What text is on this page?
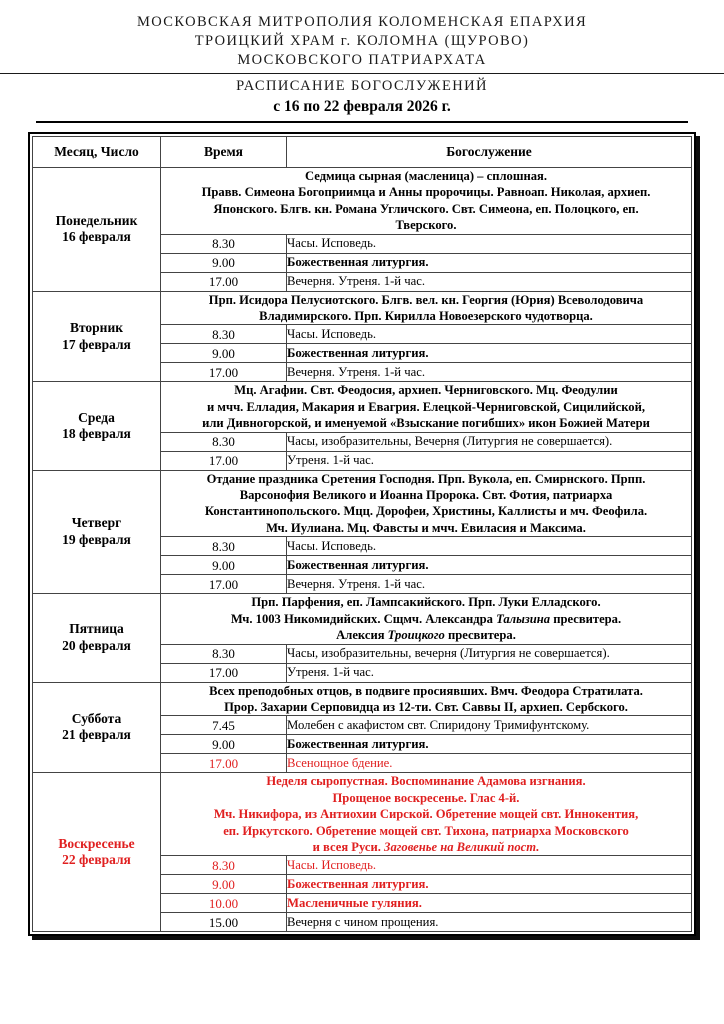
МОСКОВСКАЯ МИТРОПОЛИЯ КОЛОМЕНСКАЯ ЕПАРХИЯ
ТРОИЦКИЙ ХРАМ г. КОЛОМНА (ЩУРОВО)
МОСКОВСКОГО ПАТРИАРХАТА
РАСПИСАНИЕ БОГОСЛУЖЕНИЙ
с 16 по 22 февраля 2026 г.
Месяц, Число	Время	Богослужение

Понедельник
16 февраля	Седмица сырная (масленица) – сплошная.
Правв. Симеона Богоприимца и Анны пророчицы. Равноап. Николая, архиеп.
Японского. Блгв. кн. Романа Угличского. Свт. Симеона, еп. Полоцкого, еп.
Тверского.	

	8.30	Часы. Исповедь.
	9.00	Божественная литургия.
	17.00	Вечерня. Утреня. 1-й час.

Вторник
17 февраля	Прп. Исидора Пелусиотского. Блгв. вел. кн. Георгия (Юрия) Всеволодовича
Владимирского. Прп. Кирилла Новоезерского чудотворца.	

	8.30	Часы. Исповедь.
	9.00	Божественная литургия.
	17.00	Вечерня. Утреня. 1-й час.

Среда
18 февраля	Мц. Агафии. Свт. Феодосия, архиеп. Черниговского. Мц. Феодулии
и мчч. Елладия, Макария и Евагрия. Елецкой-Черниговской, Сицилийской,
или Дивногорской, и именуемой «Взыскание погибших» икон Божией Матери	

	8.30	Часы, изобразительны, Вечерня (Литургия не совершается).
	17.00	Утреня. 1-й час.

Четверг
19 февраля	Отдание праздника Сретения Господня. Прп. Вукола, еп. Смирнского. Прпп.
Варсонофия Великого и Иоанна Пророка. Свт. Фотия, патриарха
Константинопольского. Мцц. Дорофеи, Христины, Каллисты и мч. Феофила.
Мч. Иулиана. Мц. Фавсты и мчч. Евиласия и Максима.	

	8.30	Часы. Исповедь.
	9.00	Божественная литургия.
	17.00	Вечерня. Утреня. 1-й час.

Пятница
20 февраля	Прп. Парфения, еп. Лампсакийского. Прп. Луки Елладского.
Мч. 1003 Никомидийских. Сщмч. Александра Талызина пресвитера.
Алексия Троицкого пресвитера.	

	8.30	Часы, изобразительны, вечерня (Литургия не совершается).
	17.00	Утреня. 1-й час.

Суббота
21 февраля	Всех преподобных отцов, в подвиге просиявших. Вмч. Феодора Стратилата.
Прор. Захарии Серповидца из 12-ти. Свт. Саввы II, архиеп. Сербского.	

	7.45	Молебен с акафистом свт. Спиридону Тримифунтскому.
	9.00	Божественная литургия.
	17.00	Всенощное бдение.

Воскресенье
22 февраля	Неделя сыропустная. Воспоминание Адамова изгнания.
Прощеное воскресенье. Глас 4-й.
Мч. Никифора, из Антиохии Сирской. Обретение мощей свт. Иннокентия,
еп. Иркутского. Обретение мощей свт. Тихона, патриарха Московского
и всея Руси. Заговенье на Великий пост.	

	8.30	Часы. Исповедь.
	9.00	Божественная литургия.
	10.00	Масленичные гуляния.
	15.00	Вечерня с чином прощения.
